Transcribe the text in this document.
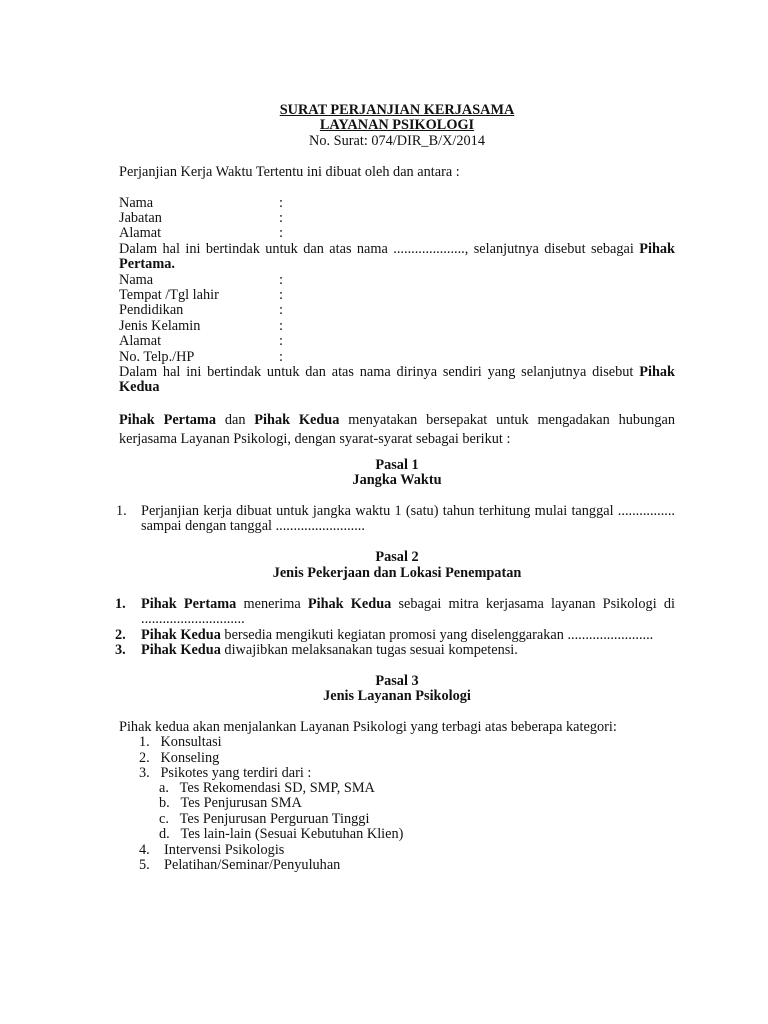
SURAT PERJANJIAN KERJASAMA
LAYANAN PSIKOLOGI
No. Surat: 074/DIR_B/X/2014
Perjanjian Kerja Waktu Tertentu ini dibuat oleh dan antara :
Nama	:
Jabatan	:
Alamat	:
Dalam hal ini bertindak untuk dan atas nama ...................., selanjutnya disebut sebagai Pihak Pertama.
Nama	:
Tempat /Tgl lahir	:
Pendidikan	:
Jenis Kelamin	:
Alamat	:
No. Telp./HP	:
Dalam hal ini bertindak untuk dan atas nama dirinya sendiri yang selanjutnya disebut Pihak Kedua
Pihak Pertama dan Pihak Kedua menyatakan bersepakat untuk mengadakan hubungan kerjasama Layanan Psikologi, dengan syarat-syarat sebagai berikut :
Pasal 1
Jangka Waktu
1. Perjanjian kerja dibuat untuk jangka waktu 1 (satu) tahun terhitung mulai tanggal ................ sampai dengan tanggal .........................
Pasal 2
Jenis Pekerjaan dan Lokasi Penempatan
1. Pihak Pertama menerima Pihak Kedua sebagai mitra kerjasama layanan Psikologi di .............................
2. Pihak Kedua bersedia mengikuti kegiatan promosi yang diselenggarakan ........................
3. Pihak Kedua diwajibkan melaksanakan tugas sesuai kompetensi.
Pasal 3
Jenis Layanan Psikologi
Pihak kedua akan menjalankan Layanan Psikologi yang terbagi atas beberapa kategori:
1. Konsultasi
2. Konseling
3. Psikotes yang terdiri dari :
a. Tes Rekomendasi SD, SMP, SMA
b. Tes Penjurusan SMA
c. Tes Penjurusan Perguruan Tinggi
d. Tes lain-lain (Sesuai Kebutuhan Klien)
4. Intervensi Psikologis
5. Pelatihan/Seminar/Penyuluhan
